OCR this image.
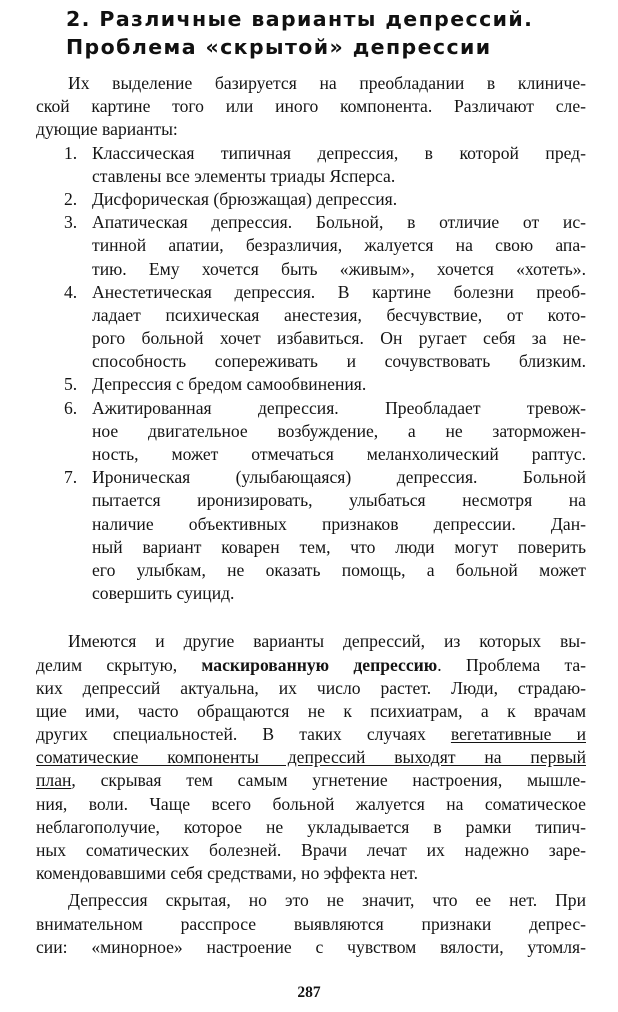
2. Различные варианты депрессий.
Проблема «скрытой» депрессии
Их выделение базируется на преобладании в клиниче-
ской картине того или иного компонента. Различают сле-
дующие варианты:
1. Классическая типичная депрессия, в которой пред-
ставлены все элементы триады Ясперса.
2. Дисфорическая (брюзжащая) депрессия.
3. Апатическая депрессия. Больной, в отличие от ис-
тинной апатии, безразличия, жалуется на свою апа-
тию. Ему хочется быть «живым», хочется «хотеть».
4. Анестетическая депрессия. В картине болезни преоб-
ладает психическая анестезия, бесчувствие, от кото-
рого больной хочет избавиться. Он ругает себя за не-
способность сопереживать и сочувствовать близким.
5. Депрессия с бредом самообвинения.
6. Ажитированная депрессия. Преобладает тревож-
ное двигательное возбуждение, а не заторможен-
ность, может отмечаться меланхолический раптус.
7. Ироническая (улыбающаяся) депрессия. Больной
пытается иронизировать, улыбаться несмотря на
наличие объективных признаков депрессии. Дан-
ный вариант коварен тем, что люди могут поверить
его улыбкам, не оказать помощь, а больной может
совершить суицид.
Имеются и другие варианты депрессий, из которых вы-
делим скрытую, маскированную депрессию. Проблема та-
ких депрессий актуальна, их число растет. Люди, страдаю-
щие ими, часто обращаются не к психиатрам, а к врачам
других специальностей. В таких случаях вегетативные и
соматические компоненты депрессий выходят на первый
план, скрывая тем самым угнетение настроения, мышле-
ния, воли. Чаще всего больной жалуется на соматическое
неблагополучие, которое не укладывается в рамки типич-
ных соматических болезней. Врачи лечат их надежно заре-
комендовавшими себя средствами, но эффекта нет.
Депрессия скрытая, но это не значит, что ее нет. При
внимательном расспросе выявляются признаки депрес-
сии: «минорное» настроение с чувством вялости, утомля-
287
